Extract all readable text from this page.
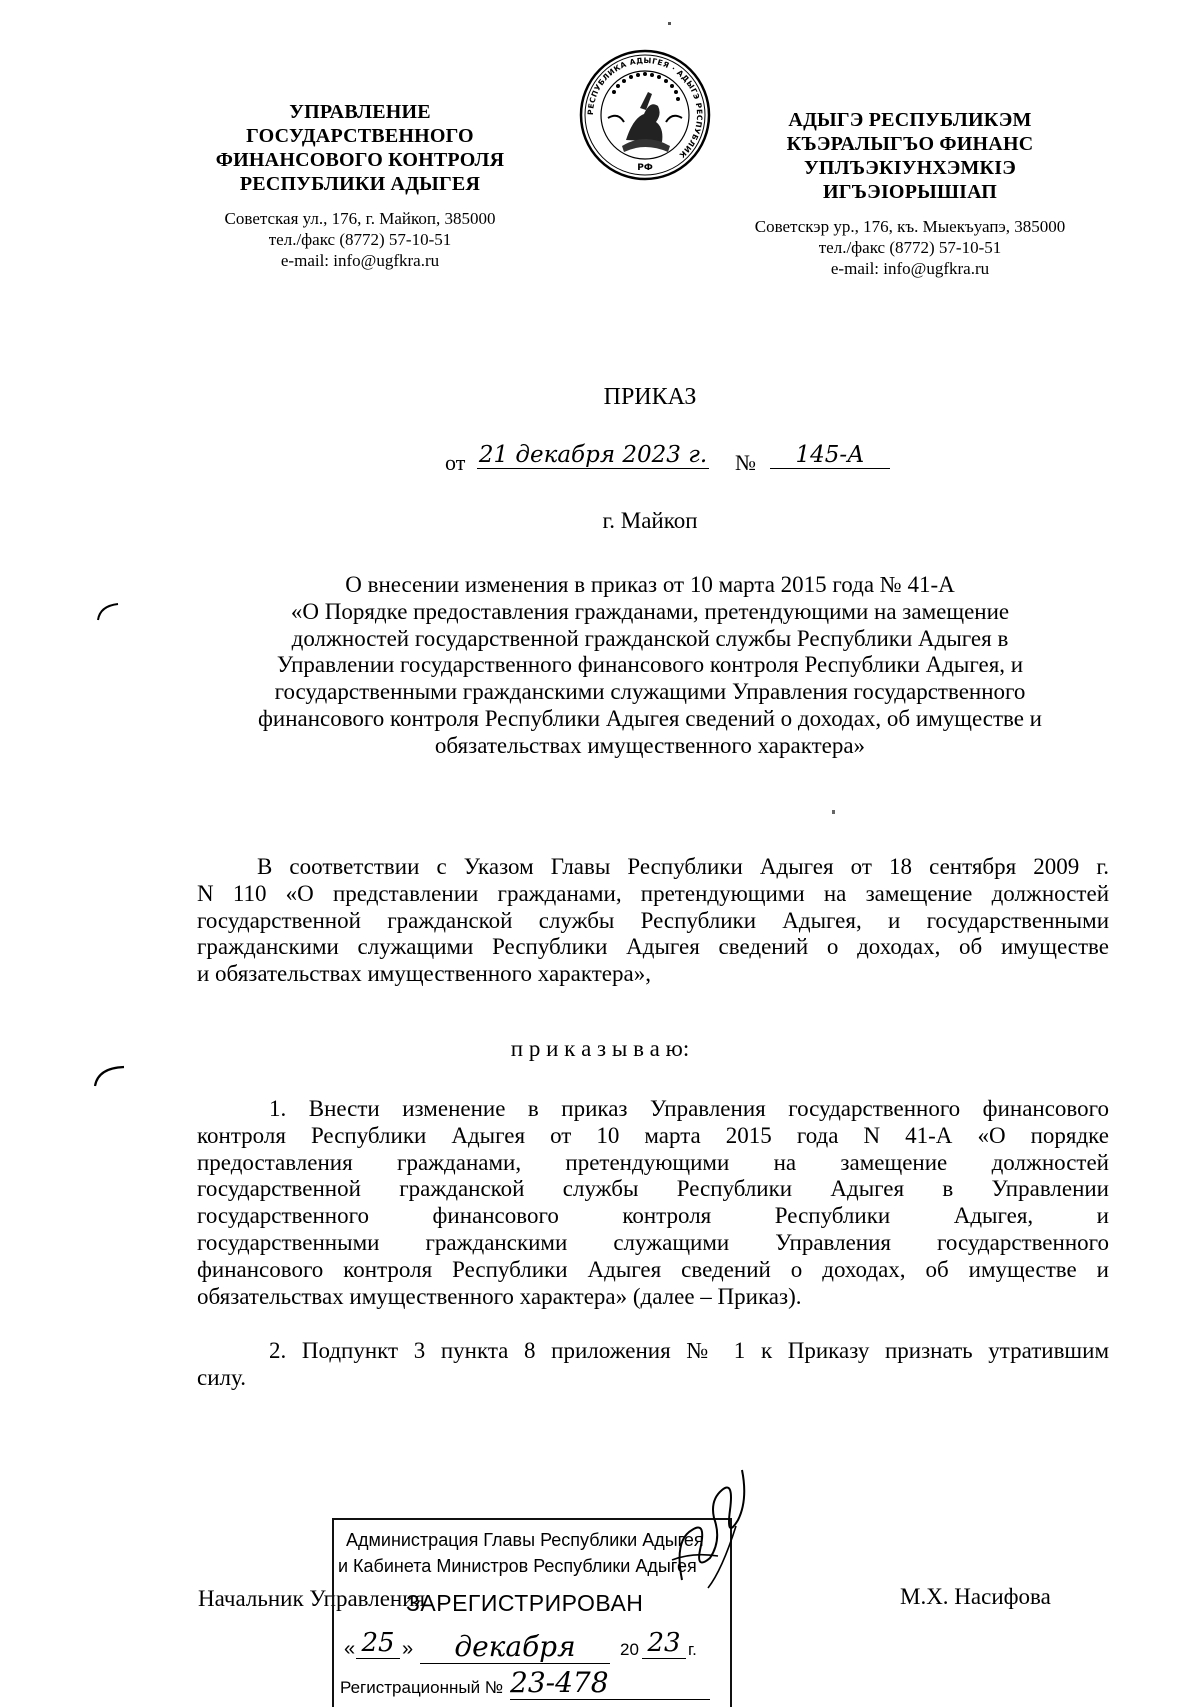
УПРАВЛЕНИЕ
ГОСУДАРСТВЕННОГО
ФИНАНСОВОГО КОНТРОЛЯ
РЕСПУБЛИКИ АДЫГЕЯ
Советская ул., 176, г. Майкоп, 385000
тел./факс (8772) 57-10-51
e-mail: info@ugfkra.ru
РЕСПУБЛИКА АДЫГЕЯ · АДЫГЭ РЕСПУБЛИК
РФ
АДЫГЭ РЕСПУБЛИКЭМ
КЪЭРАЛЫГЪО ФИНАНС
УПЛЪЭКIУНХЭМКIЭ
ИГЪЭIОРЫШIАП
Советскэр ур., 176, къ. Мыекъуапэ, 385000
тел./факс (8772) 57-10-51
e-mail: info@ugfkra.ru
ПРИКАЗ
от 21 декабря 2023 г. №	145-А
г. Майкоп
О внесении изменения в приказ от 10 марта 2015 года № 41-А
«О Порядке предоставления гражданами, претендующими на замещение
должностей государственной гражданской службы Республики Адыгея в
Управлении государственного финансового контроля Республики Адыгея, и
государственными гражданскими служащими Управления государственного
финансового контроля Республики Адыгея сведений о доходах, об имуществе и
обязательствах имущественного характера»
В соответствии с Указом Главы Республики Адыгея от 18 сентября 2009 г.
N 110 «О представлении гражданами, претендующими на замещение должностей
государственной гражданской службы Республики Адыгея, и государственными
гражданскими служащими Республики Адыгея сведений о доходах, об имуществе
и обязательствах имущественного характера»,
п р и к а з ы в а ю:
1. Внести изменение в приказ Управления государственного финансового
контроля Республики Адыгея от 10 марта 2015 года N 41-А «О порядке
предоставления гражданами, претендующими на замещение должностей
государственной гражданской службы Республики Адыгея в Управлении
государственного финансового контроля Республики Адыгея, и
государственными гражданскими служащими Управления государственного
финансового контроля Республики Адыгея сведений о доходах, об имуществе и
обязательствах имущественного характера» (далее – Приказ).
2. Подпункт 3 пункта 8 приложения № 1 к Приказу признать утратившим
силу.
Начальник Управления	М.Х. Насифова
Администрация Главы Республики Адыгея
и Кабинета Министров Республики Адыгея
ЗАРЕГИСТРИРОВАН
« 25 »	декабря	20 23 г.
Регистрационный № 23-478
